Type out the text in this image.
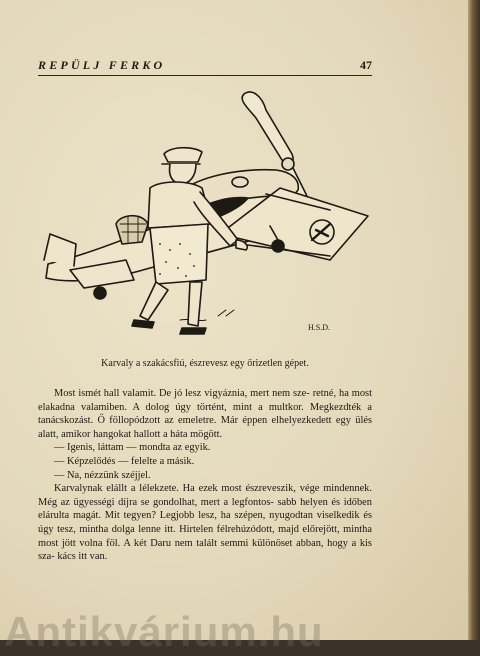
REPÜLJ FERKO	47
H.S.D.
Karvaly a szakácsfiú, észrevesz egy őrizetlen gépet.

Most ismét hall valamit. De jó lesz vigyáznia, mert nem sze- retné, ha most elakadna valamiben. A dolog úgy történt, mint a multkor. Megkezdték a tanácskozást. Ő föllopódzott az emeletre. Már éppen elhelyezkedett egy ülés alatt, amikor hangokat hallott a háta mögött.

— Igenis, láttam — mondta az egyik.

— Képzelődés — felelte a másik.

— Na, nézzünk széjjel.

Karvalynak elállt a lélekzete. Ha ezek most észreveszik, vége mindennek. Még az ügyességi díjra se gondolhat, mert a legfontos- sabb helyen és időben elárulta magát. Mit tegyen? Legjobb lesz, ha szépen, nyugodtan viselkedik és úgy tesz, mintha dolga lenne itt. Hirtelen félrehúzódott, majd előrejött, mintha most jött volna föl. A két Daru nem talált semmi különöset abban, hogy a kis sza- kács itt van.

Antikvárium.hu
